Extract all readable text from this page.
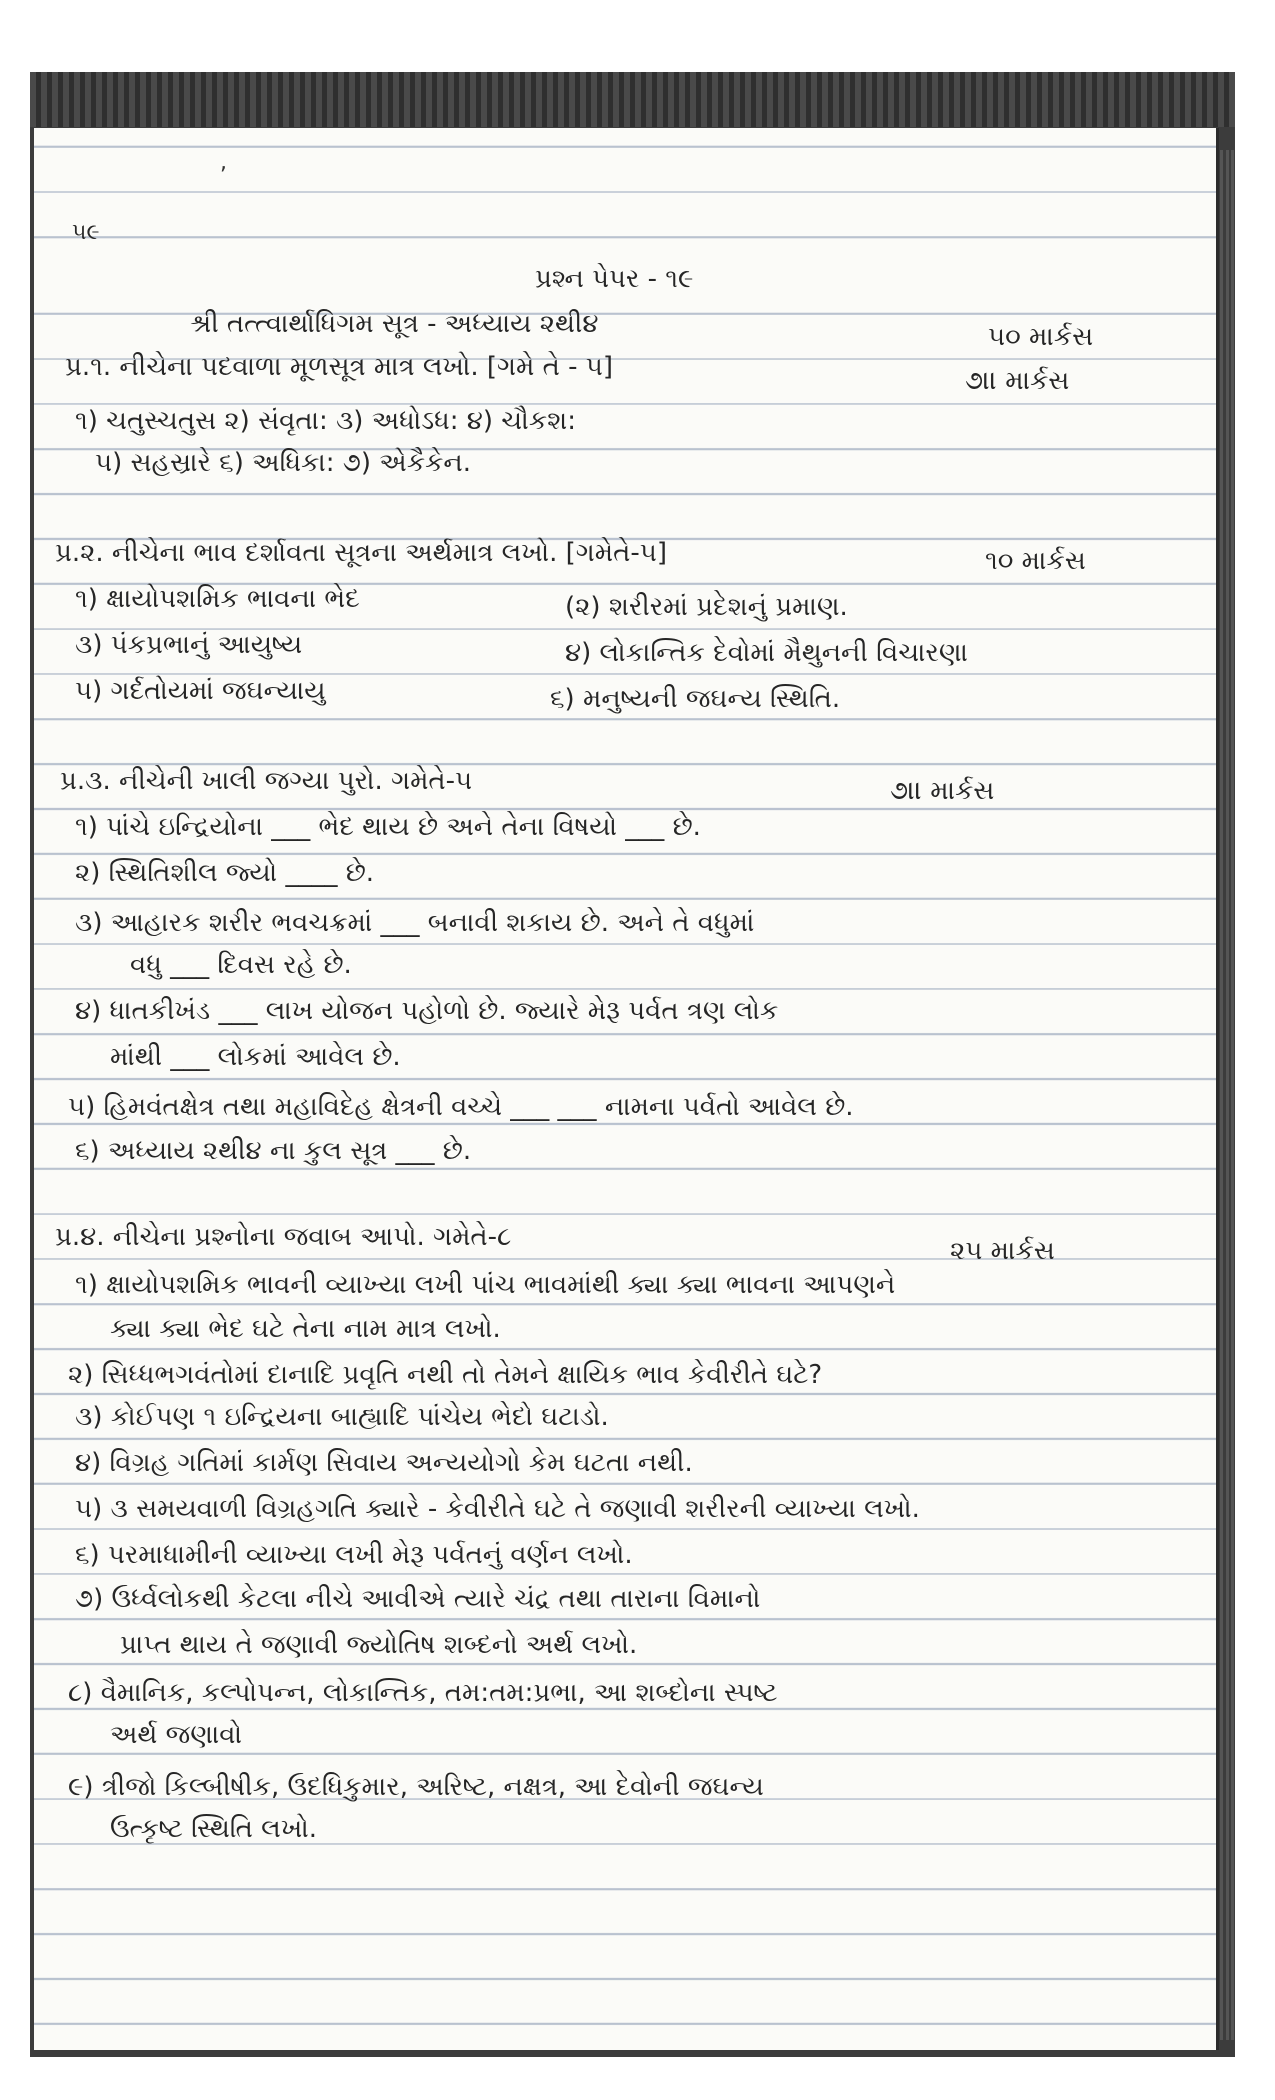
,

૫૯

પ્રશ્ન પેપર - ૧૯

શ્રી તત્ત્વાર્થાધિગમ સૂત્ર - અધ્યાય ૨થી૪	૫૦ માર્કસ

પ્ર.૧. નીચેના પદવાળા મૂળસૂત્ર માત્ર લખો. [ગમે તે - ૫]	૭।। માર્કસ

૧) ચતુસ્ચતુસ ૨) સંવૃતા: ૩) અધોઽધ: ૪) ચૌકશ:

૫) સહસ્રારે ૬) અધિકા: ૭) એકૈકેન.

પ્ર.૨. નીચેના ભાવ દર્શાવતા સૂત્રના અર્થમાત્ર લખો. [ગમેતે-૫]	૧૦ માર્કસ

૧) ક્ષાયોપશમિક ભાવના ભેદ	(૨) શરીરમાં પ્રદેશનું પ્રમાણ.

૩) પંકપ્રભાનું આયુષ્ય	૪) લોકાન્તિક દેવોમાં મૈથુનની વિચારણા

૫) ગર્દતોયમાં જઘન્યાયુ	૬) મનુષ્યની જઘન્ય સ્થિતિ.

પ્ર.૩. નીચેની ખાલી જગ્યા પુરો. ગમેતે-૫	૭।। માર્કસ

૧) પાંચે ઇન્દ્રિયોના ___ ભેદ થાય છે અને તેના વિષયો ___ છે.

૨) સ્થિતિશીલ જ્યો ____ છે.

૩) આહારક શરીર ભવચક્રમાં ___ બનાવી શકાય છે. અને તે વધુમાં

વધુ ___ દિવસ રહે છે.

૪) ધાતકીખંડ ___ લાખ યોજન પહોળો છે. જ્યારે મેરૂ પર્વત ત્રણ લોક

માંથી ___ લોકમાં આવેલ છે.

૫) હિમવંતક્ષેત્ર તથા મહાવિદેહ ક્ષેત્રની વચ્ચે ___ ___ નામના પર્વતો આવેલ છે.

૬) અધ્યાય ૨થી૪ ના કુલ સૂત્ર ___ છે.

પ્ર.૪. નીચેના પ્રશ્નોના જવાબ આપો. ગમેતે-૮	૨૫ માર્કસ

૧) ક્ષાયોપશમિક ભાવની વ્યાખ્યા લખી પાંચ ભાવમાંથી ક્યા ક્યા ભાવના આપણને

ક્યા ક્યા ભેદ ઘટે તેના નામ માત્ર લખો.

૨) સિધ્ધભગવંતોમાં દાનાદિ પ્રવૃતિ નથી તો તેમને ક્ષાયિક ભાવ કેવીરીતે ઘટે?

૩) કોઈપણ ૧ ઇન્દ્રિયના બાહ્યાદિ પાંચેય ભેદો ઘટાડો.

૪) વિગ્રહ ગતિમાં કાર્મણ સિવાય અન્યયોગો કેમ ઘટતા નથી.

૫) ૩ સમયવાળી વિગ્રહગતિ ક્યારે - કેવીરીતે ઘટે તે જણાવી શરીરની વ્યાખ્યા લખો.

૬) પરમાધામીની વ્યાખ્યા લખી મેરૂ પર્વતનું વર્ણન લખો.

૭) ઉર્ધ્વલોકથી કેટલા નીચે આવીએ ત્યારે ચંદ્ર તથા તારાના વિમાનો

પ્રાપ્ત થાય તે જણાવી જ્યોતિષ શબ્દનો અર્થ લખો.

૮) વૈમાનિક, કલ્પોપન્ન, લોકાન્તિક, તમ:તમ:પ્રભા, આ શબ્દોના સ્પષ્ટ

અર્થ જણાવો

૯) ત્રીજો કિલ્બીષીક, ઉદધિકુમાર, અરિષ્ટ, નક્ષત્ર, આ દેવોની જઘન્ય

ઉત્કૃષ્ટ સ્થિતિ લખો.
